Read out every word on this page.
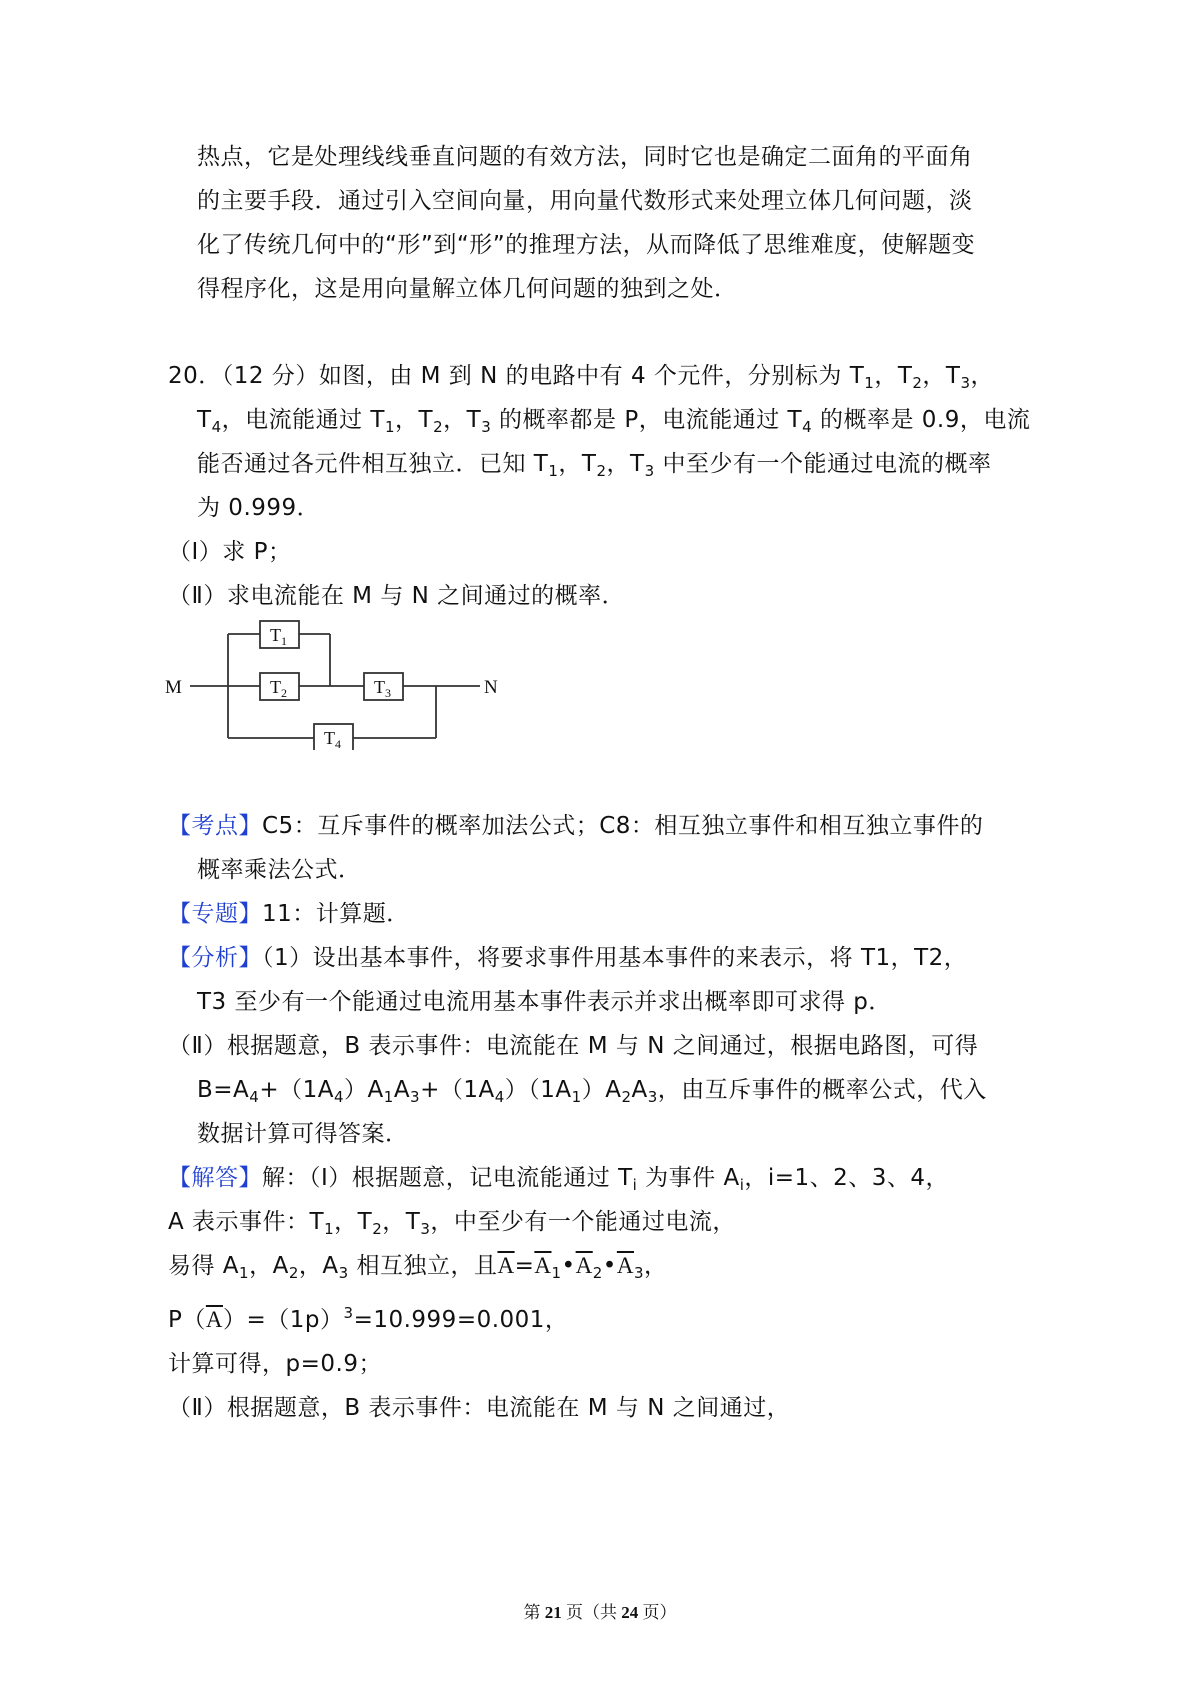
热点，它是处理线线垂直问题的有效方法，同时它也是确定二面角的平面角
的主要手段．通过引入空间向量，用向量代数形式来处理立体几何问题，淡
化了传统几何中的“形”到“形”的推理方法，从而降低了思维难度，使解题变
得程序化，这是用向量解立体几何问题的独到之处．
20．（12 分）如图，由 M 到 N 的电路中有 4 个元件，分别标为 $T_1$，$T_2$，$T_3$，
$T_4$，电流能通过 $T_1$，$T_2$，$T_3$ 的概率都是 P，电流能通过 $T_4$ 的概率是 0.9，电流
能否通过各元件相互独立．已知 $T_1$，$T_2$，$T_3$ 中至少有一个能通过电流的概率
为 0.999．
（Ⅰ）求 P；
（Ⅱ）求电流能在 M 与 N 之间通过的概率．
M	N
$T_1$
$T_2$	$T_3$
$T_4$
【考点】C5：互斥事件的概率加法公式；C8：相互独立事件和相互独立事件的
概率乘法公式．
【专题】11：计算题．
【分析】（1）设出基本事件，将要求事件用基本事件的来表示，将 T1，T2，
T3 至少有一个能通过电流用基本事件表示并求出概率即可求得 p．
（Ⅱ）根据题意，B 表示事件：电流能在 M 与 N 之间通过，根据电路图，可得
$B=A_4+(1A_4)A_1A_3+(1A_4)(1A_1)A_2A_3$，由互斥事件的概率公式，代入
数据计算可得答案．
【解答】解：（Ⅰ）根据题意，记电流能通过 $T_i$ 为事件 $A_i$，i=1、2、3、4，
A 表示事件：$T_1$，$T_2$，$T_3$，中至少有一个能通过电流，
易得 $A_1$，$A_2$，$A_3$ 相互独立，且$\overline{A}=\overline{A}_1•\overline{A}_2•\overline{A}_3$，
$P(\overline{A})=(1p)^3=10.999=0.001$，
计算可得，p=0.9；
（Ⅱ）根据题意，B 表示事件：电流能在 M 与 N 之间通过，
第 21 页（共 24 页）
